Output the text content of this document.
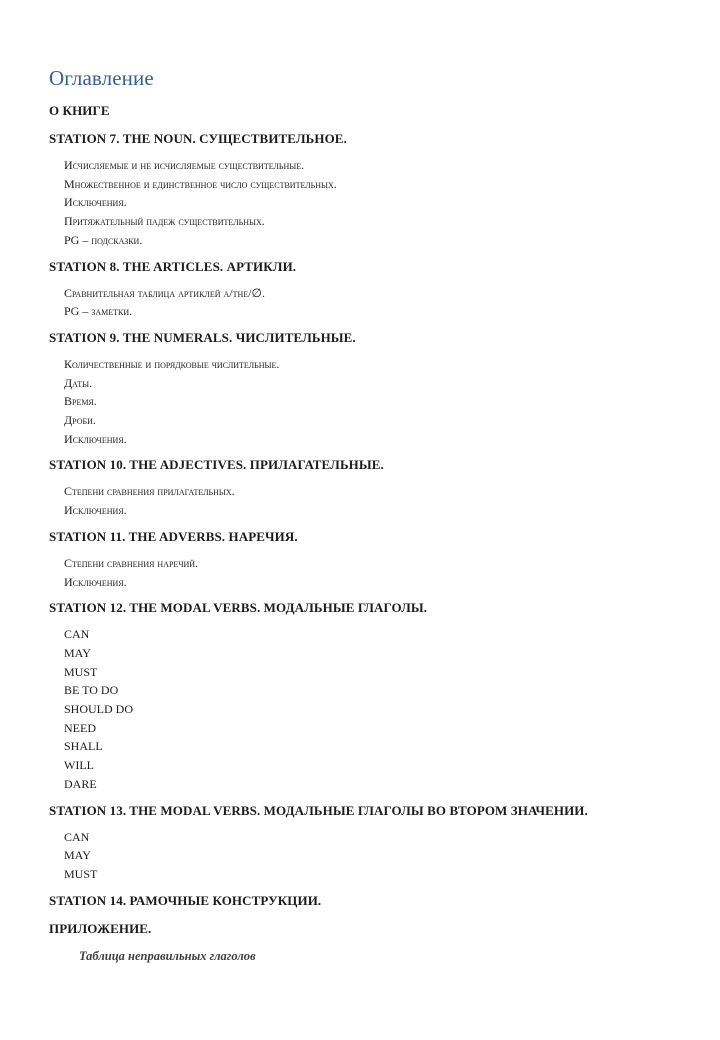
Оглавление

О КНИГЕ

STATION 7. THE NOUN. СУЩЕСТВИТЕЛЬНОЕ.

Исчисляемые и не исчисляемые существительные.
Множественное и единственное число существительных.
Исключения.
Притяжательный падеж существительных.
PG – подсказки.

STATION 8. THE ARTICLES. АРТИКЛИ.

Сравнительная таблица артиклей a/the/∅.
PG – заметки.

STATION 9. THE NUMERALS. ЧИСЛИТЕЛЬНЫЕ.

Количественные и порядковые числительные.
Даты.
Время.
Дроби.
Исключения.

STATION 10. THE ADJECTIVES. ПРИЛАГАТЕЛЬНЫЕ.

Степени сравнения прилагательных.
Исключения.

STATION 11. THE ADVERBS. НАРЕЧИЯ.

Степени сравнения наречий.
Исключения.

STATION 12. THE MODAL VERBS. МОДАЛЬНЫЕ ГЛАГОЛЫ.

CAN
MAY
MUST
BE TO DO
SHOULD DO
NEED
SHALL
WILL
DARE

STATION 13. THE MODAL VERBS. МОДАЛЬНЫЕ ГЛАГОЛЫ ВО ВТОРОМ ЗНАЧЕНИИ.

CAN
MAY
MUST

STATION 14. РАМОЧНЫЕ КОНСТРУКЦИИ.

ПРИЛОЖЕНИЕ.

Таблица неправильных глаголов
